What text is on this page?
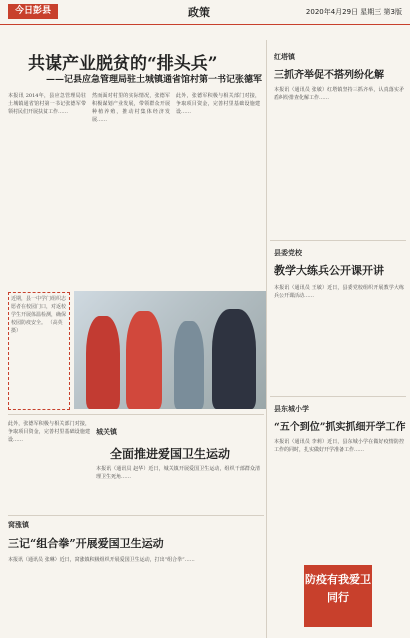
今日彭县	政策	2020年4月29日 星期三 第3版
共谋产业脱贫的“排头兵”
——记县应急管理局驻土城镇通省馆村第一书记张德军
本报讯 2014年，县应急管理局驻土城镇通省馆村第一书记张德军带领村民们开展扶贫工作……
然而面对村里的实际情况，张德军积极谋划产业发展，带领群众开展种植养殖，推动村集体经济发展……
此外，张德军积极与相关部门对接，争取项目资金，完善村里基础设施建设……
近期，县一中学门组织志愿者在校园门口，对返校学生开展体温检测，确保校园防疫安全。 （高英 摄）
此外，张德军积极与相关部门对接，争取项目资金，完善村里基础设施建设……
城关镇
全面推进爱国卫生运动
本报讯（通讯员 赵华）近日，城关镇开展爱国卫生运动，组织干部群众清理卫生死角……
窝涨镇
三记“组合拳”开展爱国卫生运动
本报讯（通讯员 张琳）近日，窝涨镇积极组织开展爱国卫生运动，打出“组合拳”……
红塔镇
三抓齐举促不搭列纷化解
本报讯（通讯员 张敏）红塔镇坚持三抓齐举，认真落实矛盾纠纷排查化解工作……
县委党校
教学大练兵公开课开讲
本报讯（通讯员 王敏）近日，县委党校组织开展教学大练兵公开课活动……
县东城小学
“五个到位”抓实抓细开学工作
本报讯（通讯员 李莉）近日，县东城小学在做好疫情防控工作的同时，扎实做好开学准备工作……
防疫有我爱卫同行
